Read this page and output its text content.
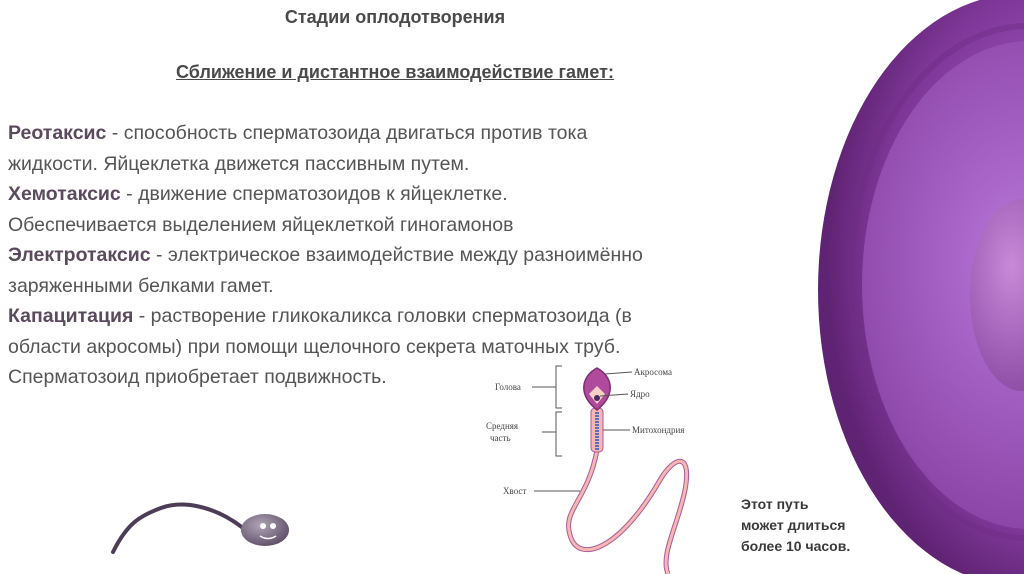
Стадии оплодотворения
Сближение и дистантное взаимодействие гамет:

Реотаксис - способность сперматозоида двигаться против тока
жидкости. Яйцеклетка движется пассивным путем.

Хемотаксис - движение сперматозоидов к яйцеклетке.
Обеспечивается выделением яйцеклеткой гиногамонов

Электротаксис - электрическое взаимодействие между разноимённо
заряженными белками гамет.

Капацитация - растворение гликокаликса головки сперматозоида (в
области акросомы) при помощи щелочного секрета маточных труб.
Сперматозоид приобретает подвижность.	Голова
Средняя
часть
Хвост
Акросома
Ядро
Митохондрия
Этот путь
может длиться
более 10 часов.
